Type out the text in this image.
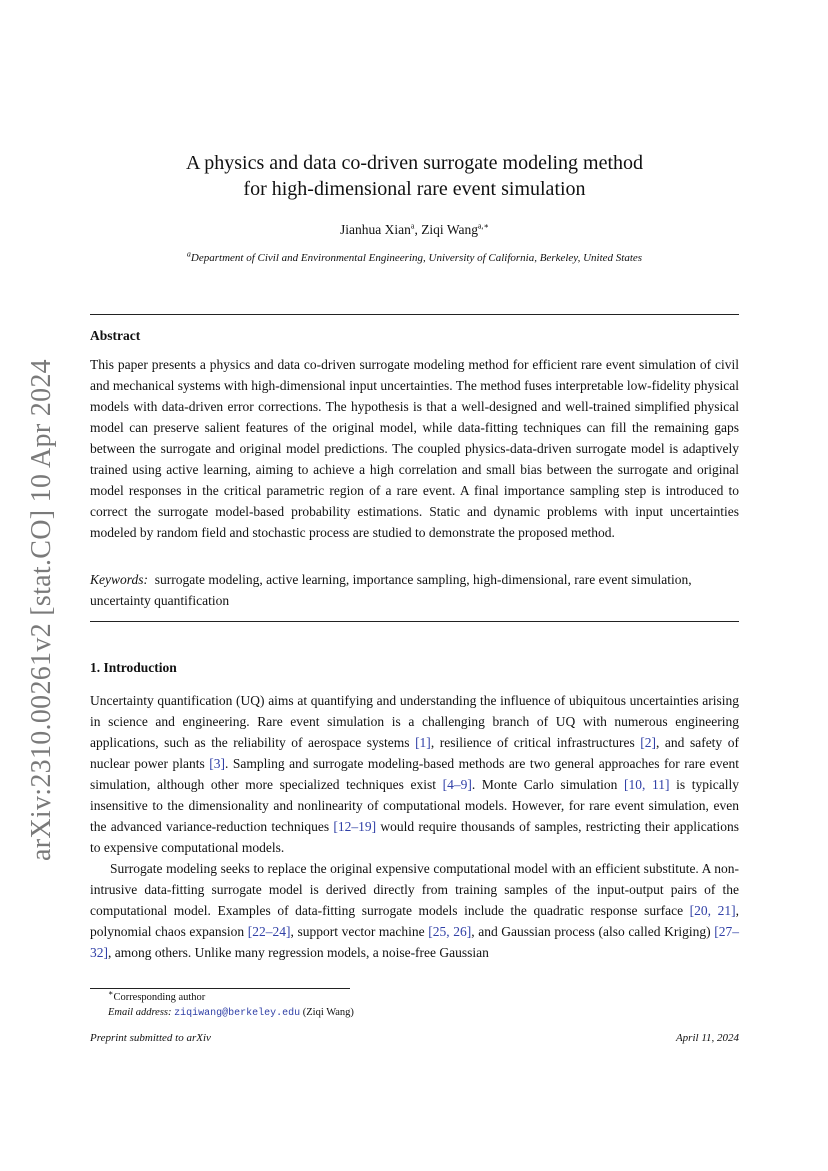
arXiv:2310.00261v2 [stat.CO] 10 Apr 2024
A physics and data co-driven surrogate modeling method
for high-dimensional rare event simulation
Jianhua Xian$^a$, Ziqi Wang$^{a,∗}$
$^a$Department of Civil and Environmental Engineering, University of California, Berkeley, United States
Abstract

This paper presents a physics and data co-driven surrogate modeling method for efficient rare event simulation of civil and mechanical systems with high-dimensional input uncertainties. The method fuses interpretable low-fidelity physical models with data-driven error corrections. The hypothesis is that a well-designed and well-trained simplified physical model can preserve salient features of the original model, while data-fitting techniques can fill the remaining gaps between the surrogate and original model predictions. The coupled physics-data-driven surrogate model is adaptively trained using active learning, aiming to achieve a high correlation and small bias between the surrogate and original model responses in the critical parametric region of a rare event. A final importance sampling step is introduced to correct the surrogate model-based probability estimations. Static and dynamic problems with input uncertainties modeled by random field and stochastic process are studied to demonstrate the proposed method.

Keywords: surrogate modeling, active learning, importance sampling, high-dimensional, rare event simulation, uncertainty quantification

1. Introduction

Uncertainty quantification (UQ) aims at quantifying and understanding the influence of ubiquitous uncertainties arising in science and engineering. Rare event simulation is a challenging branch of UQ with numerous engineering applications, such as the reliability of aerospace systems [1], resilience of critical infrastructures [2], and safety of nuclear power plants [3]. Sampling and surrogate modeling-based methods are two general approaches for rare event simulation, although other more specialized techniques exist [4–9]. Monte Carlo simulation [10, 11] is typically insensitive to the dimensionality and nonlinearity of computational models. However, for rare event simulation, even the advanced variance-reduction techniques [12–19] would require thousands of samples, restricting their applications to expensive computational models.

Surrogate modeling seeks to replace the original expensive computational model with an efficient substitute. A non-intrusive data-fitting surrogate model is derived directly from training samples of the input-output pairs of the computational model. Examples of data-fitting surrogate models include the quadratic response surface [20, 21], polynomial chaos expansion [22–24], support vector machine [25, 26], and Gaussian process (also called Kriging) [27–32], among others. Unlike many regression models, a noise-free Gaussian

∗Corresponding author
Email address: ziqiwang@berkeley.edu (Ziqi Wang)
Preprint submitted to arXiv	April 11, 2024
